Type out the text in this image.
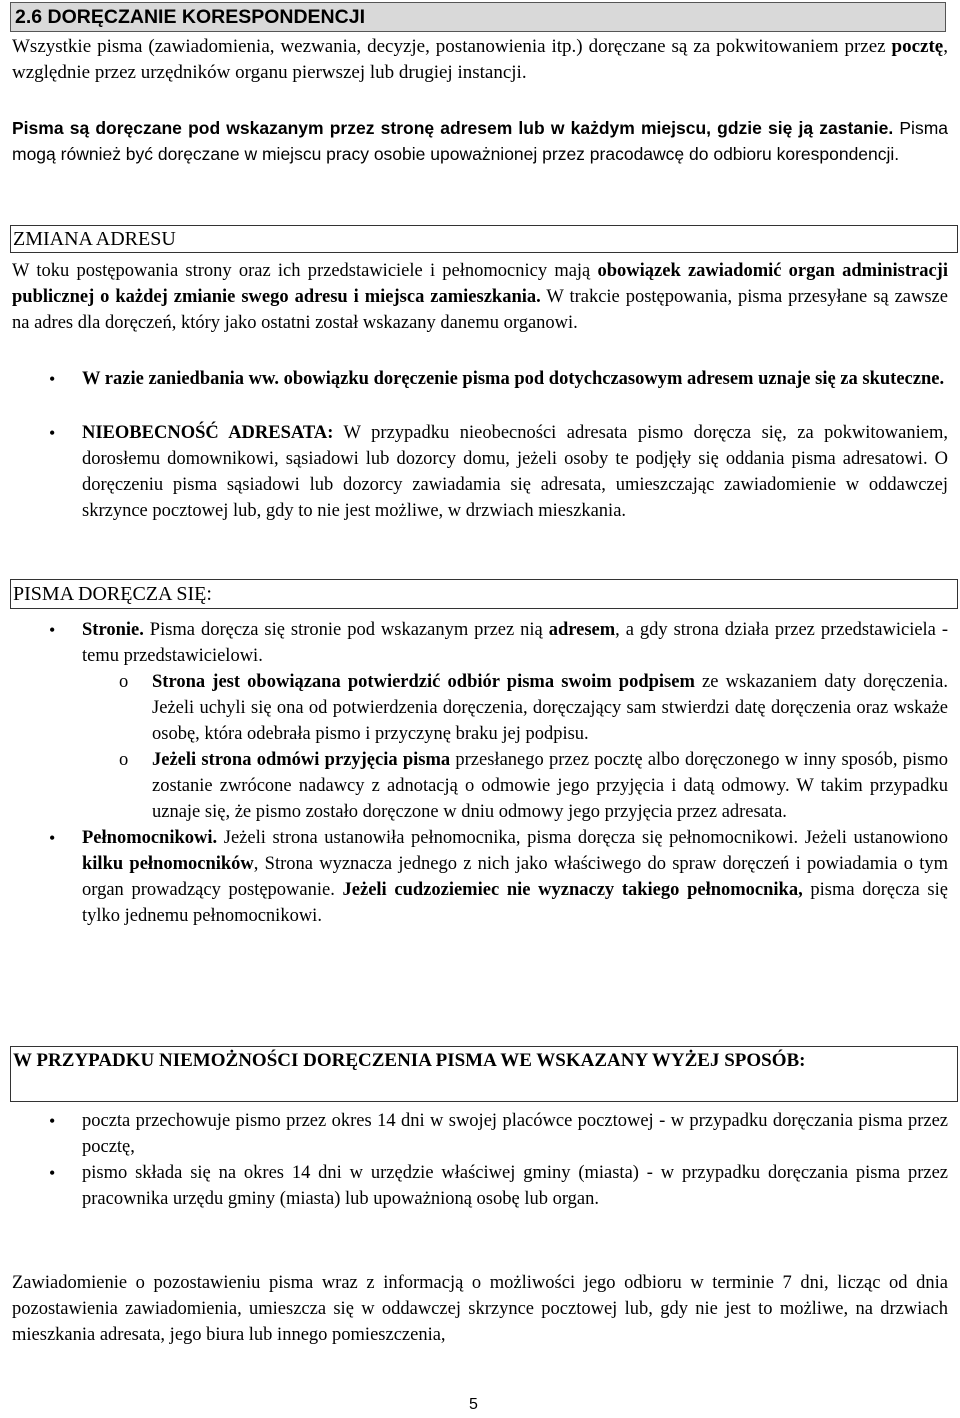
2.6 DORĘCZANIE KORESPONDENCJI
Wszystkie pisma (zawiadomienia, wezwania, decyzje, postanowienia itp.) doręczane są za pokwitowaniem przez pocztę, względnie przez urzędników organu pierwszej lub drugiej instancji.
Pisma są doręczane pod wskazanym przez stronę adresem lub w każdym miejscu, gdzie się ją zastanie. Pisma mogą również być doręczane w miejscu pracy osobie upoważnionej przez pracodawcę do odbioru korespondencji.
ZMIANA ADRESU
W toku postępowania strony oraz ich przedstawiciele i pełnomocnicy mają obowiązek zawiadomić organ administracji publicznej o każdej zmianie swego adresu i miejsca zamieszkania. W trakcie postępowania, pisma przesyłane są zawsze na adres dla doręczeń, który jako ostatni został wskazany danemu organowi.
• W razie zaniedbania ww. obowiązku doręczenie pisma pod dotychczasowym adresem uznaje się za skuteczne.
• NIEOBECNOŚĆ ADRESATA: W przypadku nieobecności adresata pismo doręcza się, za pokwitowaniem, dorosłemu domownikowi, sąsiadowi lub dozorcy domu, jeżeli osoby te podjęły się oddania pisma adresatowi. O doręczeniu pisma sąsiadowi lub dozorcy zawiadamia się adresata, umieszczając zawiadomienie w oddawczej skrzynce pocztowej lub, gdy to nie jest możliwe, w drzwiach mieszkania.
PISMA DORĘCZA SIĘ:
• Stronie. Pisma doręcza się stronie pod wskazanym przez nią adresem, a gdy strona działa przez przedstawiciela - temu przedstawicielowi.
o Strona jest obowiązana potwierdzić odbiór pisma swoim podpisem ze wskazaniem daty doręczenia. Jeżeli uchyli się ona od potwierdzenia doręczenia, doręczający sam stwierdzi datę doręczenia oraz wskaże osobę, która odebrała pismo i przyczynę braku jej podpisu.
o Jeżeli strona odmówi przyjęcia pisma przesłanego przez pocztę albo doręczonego w inny sposób, pismo zostanie zwrócone nadawcy z adnotacją o odmowie jego przyjęcia i datą odmowy. W takim przypadku uznaje się, że pismo zostało doręczone w dniu odmowy jego przyjęcia przez adresata.
• Pełnomocnikowi. Jeżeli strona ustanowiła pełnomocnika, pisma doręcza się pełnomocnikowi. Jeżeli ustanowiono kilku pełnomocników, Strona wyznacza jednego z nich jako właściwego do spraw doręczeń i powiadamia o tym organ prowadzący postępowanie. Jeżeli cudzoziemiec nie wyznaczy takiego pełnomocnika, pisma doręcza się tylko jednemu pełnomocnikowi.
W PRZYPADKU NIEMOŻNOŚCI DORĘCZENIA PISMA WE WSKAZANY WYŻEJ SPOSÓB:
• poczta przechowuje pismo przez okres 14 dni w swojej placówce pocztowej - w przypadku doręczania pisma przez pocztę,
• pismo składa się na okres 14 dni w urzędzie właściwej gminy (miasta) - w przypadku doręczania pisma przez pracownika urzędu gminy (miasta) lub upoważnioną osobę lub organ.
Zawiadomienie o pozostawieniu pisma wraz z informacją o możliwości jego odbioru w terminie 7 dni, licząc od dnia pozostawienia zawiadomienia, umieszcza się w oddawczej skrzynce pocztowej lub, gdy nie jest to możliwe, na drzwiach mieszkania adresata, jego biura lub innego pomieszczenia,
5
